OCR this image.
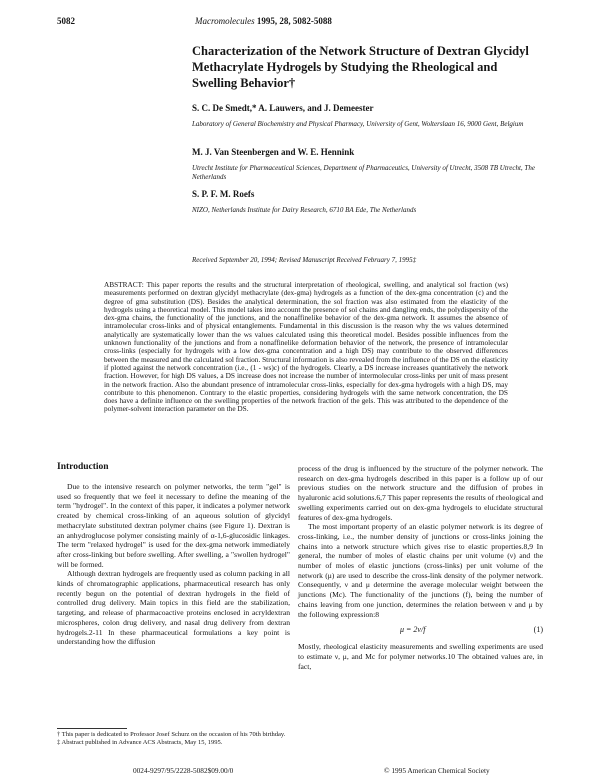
5082	Macromolecules 1995, 28, 5082-5088
Characterization of the Network Structure of Dextran Glycidyl Methacrylate Hydrogels by Studying the Rheological and Swelling Behavior†

S. C. De Smedt,* A. Lauwers, and J. Demeester

Laboratory of General Biochemistry and Physical Pharmacy, University of Gent, Wolterslaan 16, 9000 Gent, Belgium

M. J. Van Steenbergen and W. E. Hennink

Utrecht Institute for Pharmaceutical Sciences, Department of Pharmaceutics, University of Utrecht, 3508 TB Utrecht, The Netherlands

S. P. F. M. Roefs

NIZO, Netherlands Institute for Dairy Research, 6710 BA Ede, The Netherlands

Received September 20, 1994; Revised Manuscript Received February 7, 1995‡

ABSTRACT: This paper reports the results and the structural interpretation of rheological, swelling, and analytical sol fraction (ws) measurements performed on dextran glycidyl methacrylate (dex-gma) hydrogels as a function of the dex-gma concentration (c) and the degree of gma substitution (DS). Besides the analytical determination, the sol fraction was also estimated from the elasticity of the hydrogels using a theoretical model. This model takes into account the presence of sol chains and dangling ends, the polydispersity of the dex-gma chains, the functionality of the junctions, and the nonaffinelike behavior of the dex-gma network. It assumes the absence of intramolecular cross-links and of physical entanglements. Fundamental in this discussion is the reason why the ws values determined analytically are systematically lower than the ws values calculated using this theoretical model. Besides possible influences from the unknown functionality of the junctions and from a nonaffinelike deformation behavior of the network, the presence of intramolecular cross-links (especially for hydrogels with a low dex-gma concentration and a high DS) may contribute to the observed differences between the measured and the calculated sol fraction. Structural information is also revealed from the influence of the DS on the elasticity if plotted against the network concentration (i.e., (1 - ws)c) of the hydrogels. Clearly, a DS increase increases quantitatively the network fraction. However, for high DS values, a DS increase does not increase the number of intermolecular cross-links per unit of mass present in the network fraction. Also the abundant presence of intramolecular cross-links, especially for dex-gma hydrogels with a high DS, may contribute to this phenomenon. Contrary to the elastic properties, considering hydrogels with the same network concentration, the DS does have a definite influence on the swelling properties of the network fraction of the gels. This was attributed to the dependence of the polymer-solvent interaction parameter on the DS.

Introduction

Due to the intensive research on polymer networks, the term "gel" is used so frequently that we feel it necessary to define the meaning of the term "hydrogel". In the context of this paper, it indicates a polymer network created by chemical cross-linking of an aqueous solution of glycidyl methacrylate substituted dextran polymer chains (see Figure 1). Dextran is an anhydroglucose polymer consisting mainly of α-1,6-glucosidic linkages. The term "relaxed hydrogel" is used for the dex-gma network immediately after cross-linking but before swelling. After swelling, a "swollen hydrogel" will be formed.

Although dextran hydrogels are frequently used as column packing in all kinds of chromatographic applications, pharmaceutical research has only recently begun on the potential of dextran hydrogels in the field of controlled drug delivery. Main topics in this field are the stabilization, targeting, and release of pharmacoactive proteins enclosed in acryldextran microspheres, colon drug delivery, and nasal drug delivery from dextran hydrogels.2-11 In these pharmaceutical formulations a key point is understanding how the diffusion

process of the drug is influenced by the structure of the polymer network. The research on dex-gma hydrogels described in this paper is a follow up of our previous studies on the network structure and the diffusion of probes in hyaluronic acid solutions.6,7 This paper represents the results of rheological and swelling experiments carried out on dex-gma hydrogels to elucidate structural features of dex-gma hydrogels.

The most important property of an elastic polymer network is its degree of cross-linking, i.e., the number density of junctions or cross-links joining the chains into a network structure which gives rise to elastic properties.8,9 In general, the number of moles of elastic chains per unit volume (ν) and the number of moles of elastic junctions (cross-links) per unit volume of the network (μ) are used to describe the cross-link density of the polymer network. Consequently, ν and μ determine the average molecular weight between the junctions (Mc). The functionality of the junctions (f), being the number of chains leaving from one junction, determines the relation between ν and μ by the following expression:8

μ = 2ν/f	(1)

Mostly, rheological elasticity measurements and swelling experiments are used to estimate ν, μ, and Mc for polymer networks.10 The obtained values are, in fact,

† This paper is dedicated to Professor Josef Schurz on the occasion of his 70th birthday.
‡ Abstract published in Advance ACS Abstracts, May 15, 1995.
0024-9297/95/2228-5082$09.00/0	© 1995 American Chemical Society
